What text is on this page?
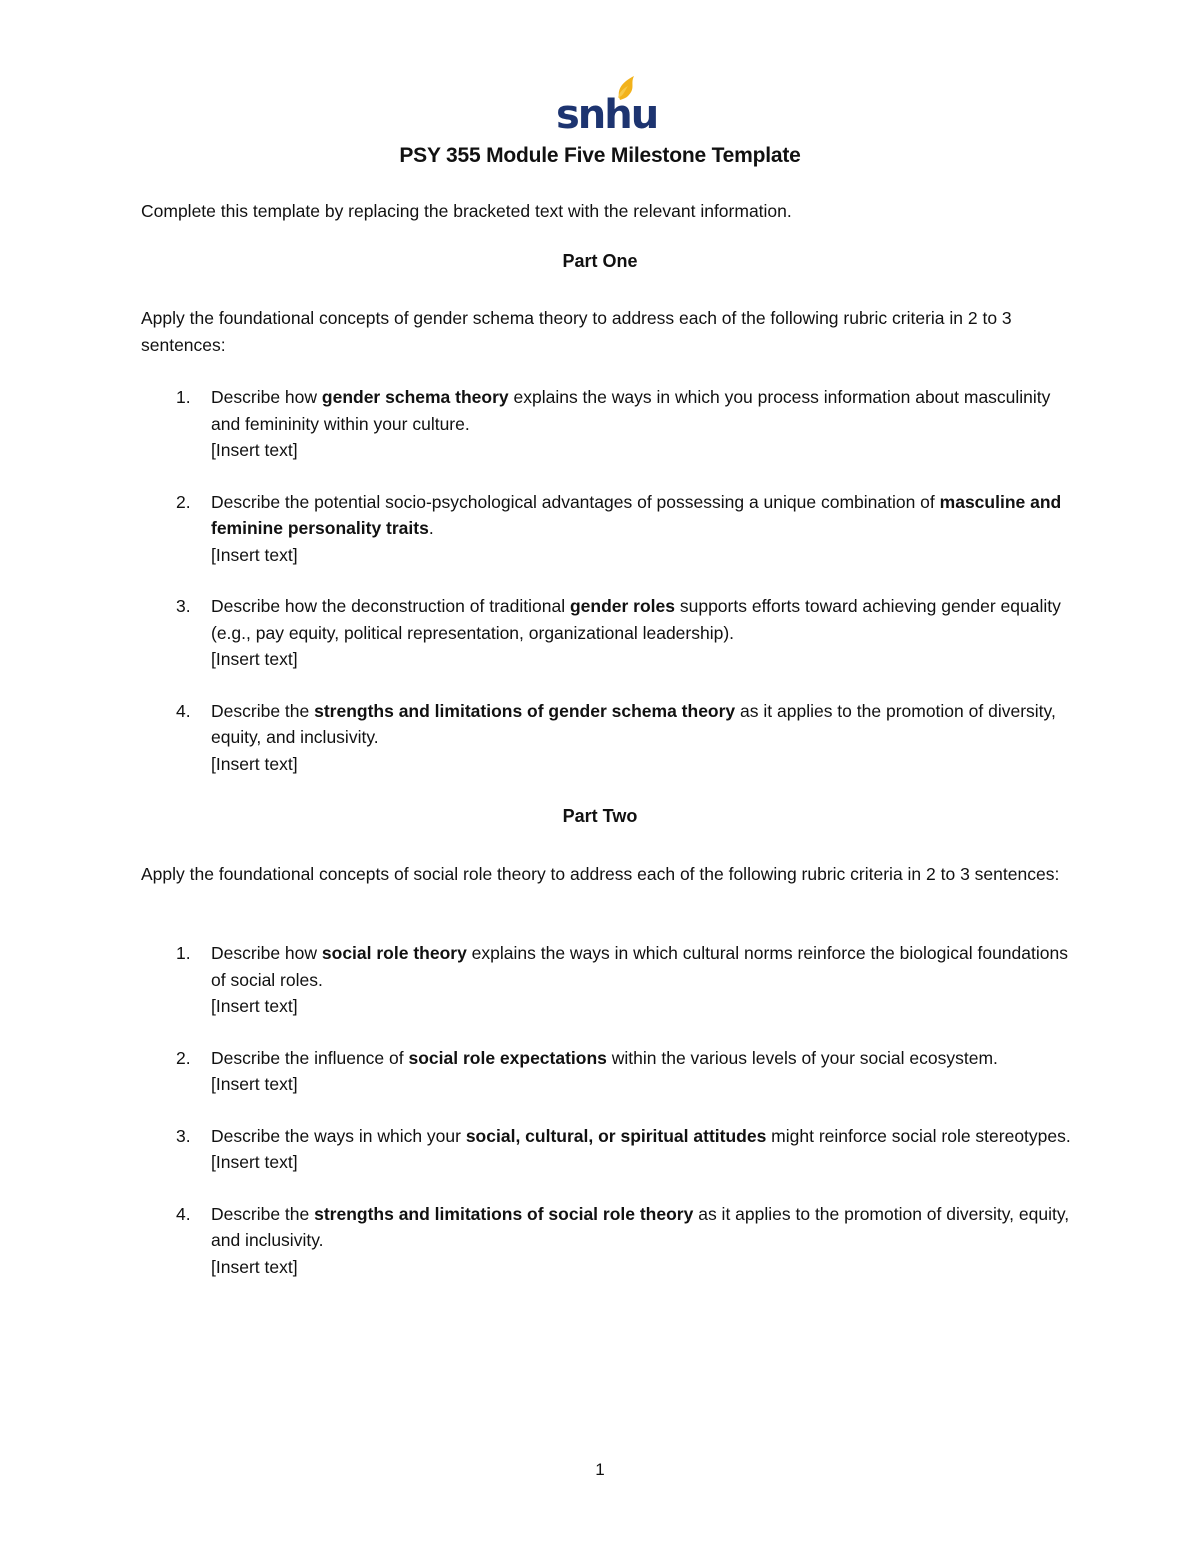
snhu
PSY 355 Module Five Milestone Template
Complete this template by replacing the bracketed text with the relevant information.
Part One
Apply the foundational concepts of gender schema theory to address each of the following rubric criteria in 2 to 3 sentences:
1. Describe how gender schema theory explains the ways in which you process information about masculinity and femininity within your culture.
[Insert text]
2. Describe the potential socio-psychological advantages of possessing a unique combination of masculine and feminine personality traits.
[Insert text]
3. Describe how the deconstruction of traditional gender roles supports efforts toward achieving gender equality (e.g., pay equity, political representation, organizational leadership).
[Insert text]
4. Describe the strengths and limitations of gender schema theory as it applies to the promotion of diversity, equity, and inclusivity.
[Insert text]
Part Two
Apply the foundational concepts of social role theory to address each of the following rubric criteria in 2 to 3 sentences:
1. Describe how social role theory explains the ways in which cultural norms reinforce the biological foundations of social roles.
[Insert text]
2. Describe the influence of social role expectations within the various levels of your social ecosystem.
[Insert text]
3. Describe the ways in which your social, cultural, or spiritual attitudes might reinforce social role stereotypes.
[Insert text]
4. Describe the strengths and limitations of social role theory as it applies to the promotion of diversity, equity, and inclusivity.
[Insert text]
1
